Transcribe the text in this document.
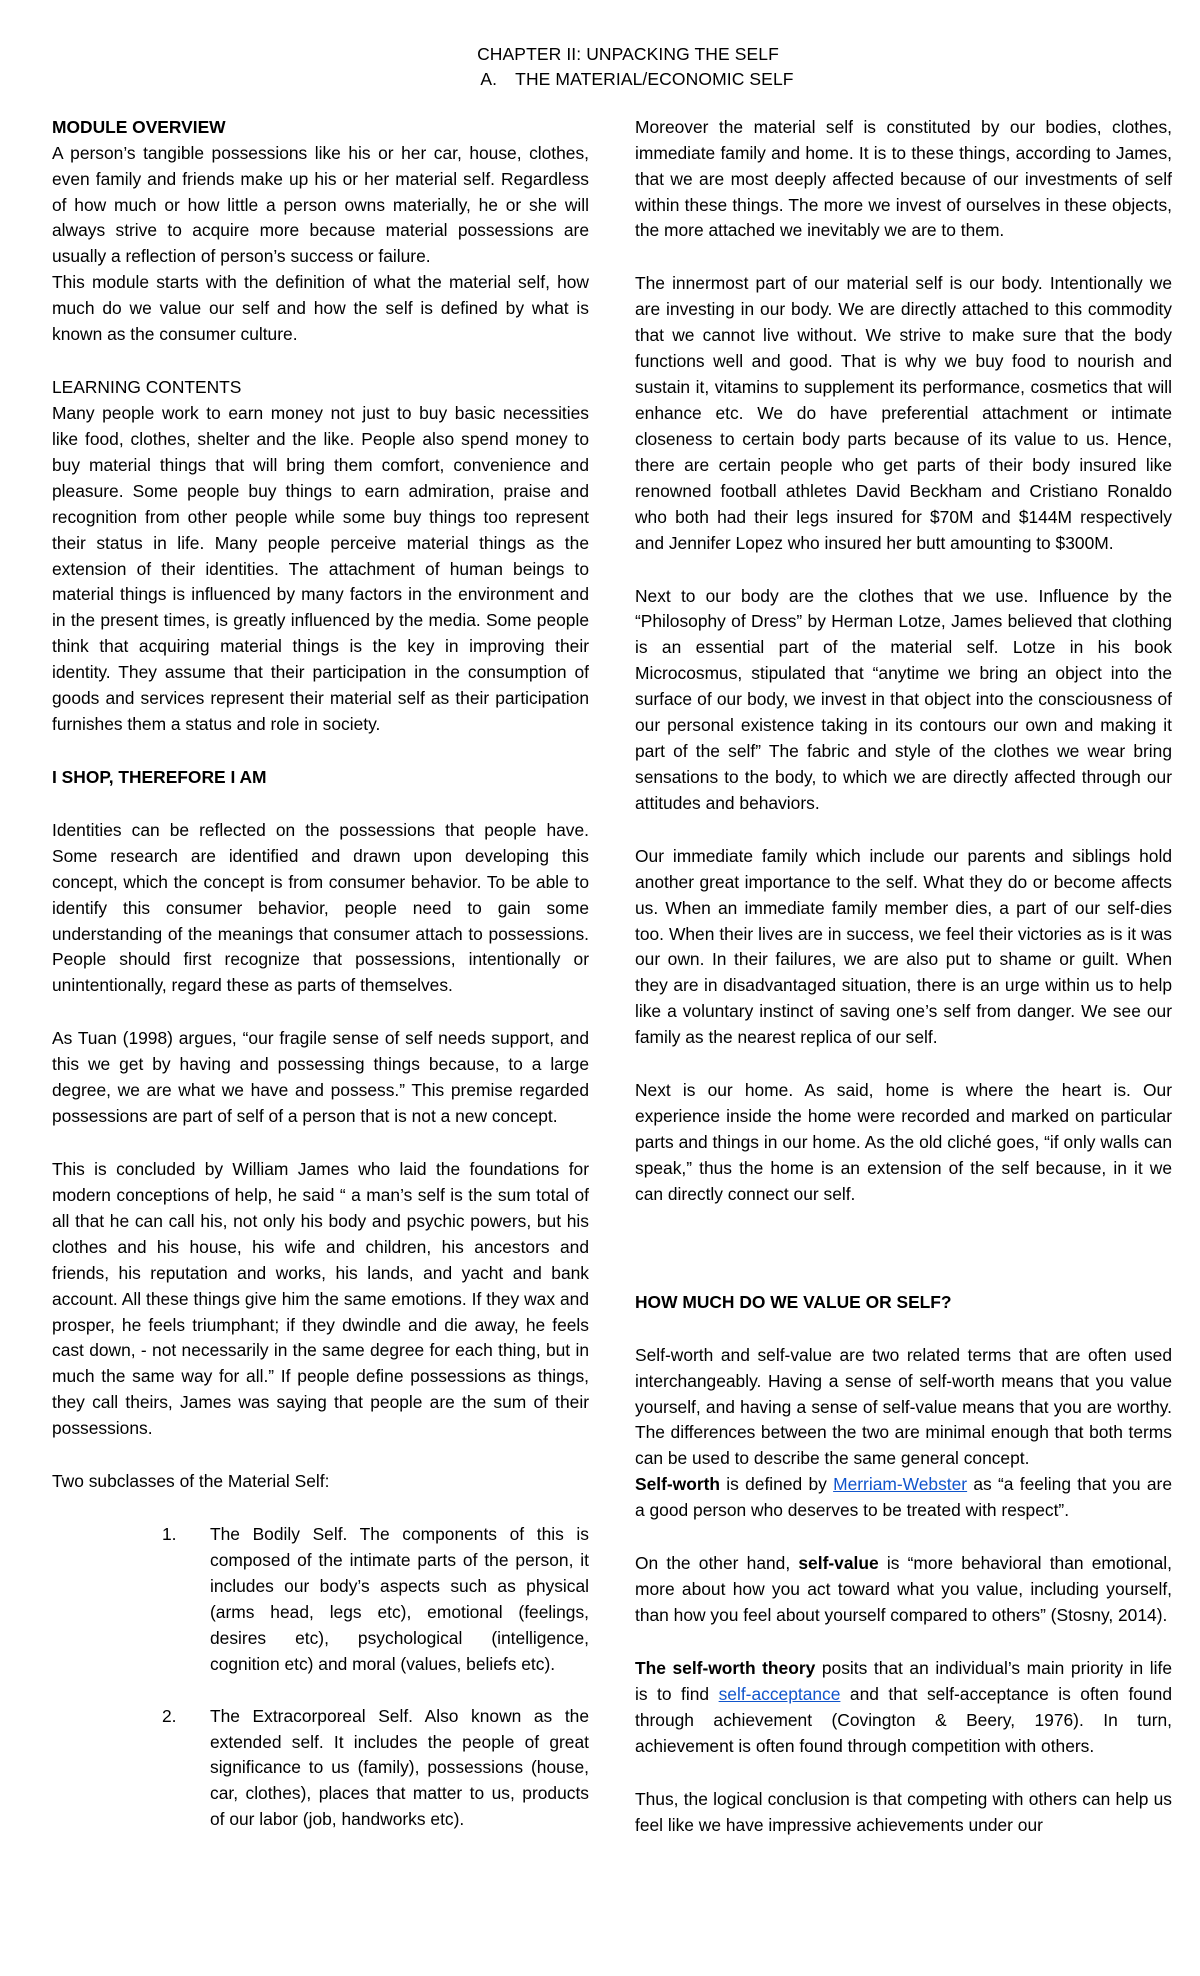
CHAPTER II: UNPACKING THE SELF
A. THE MATERIAL/ECONOMIC SELF
MODULE OVERVIEW

A person’s tangible possessions like his or her car, house, clothes, even family and friends make up his or her material self. Regardless of how much or how little a person owns materially, he or she will always strive to acquire more because material possessions are usually a reflection of person’s success or failure.

This module starts with the definition of what the material self, how much do we value our self and how the self is defined by what is known as the consumer culture.

LEARNING CONTENTS

Many people work to earn money not just to buy basic necessities like food, clothes, shelter and the like. People also spend money to buy material things that will bring them comfort, convenience and pleasure. Some people buy things to earn admiration, praise and recognition from other people while some buy things too represent their status in life. Many people perceive material things as the extension of their identities. The attachment of human beings to material things is influenced by many factors in the environment and in the present times, is greatly influenced by the media. Some people think that acquiring material things is the key in improving their identity. They assume that their participation in the consumption of goods and services represent their material self as their participation furnishes them a status and role in society.

I SHOP, THEREFORE I AM

Identities can be reflected on the possessions that people have. Some research are identified and drawn upon developing this concept, which the concept is from consumer behavior. To be able to identify this consumer behavior, people need to gain some understanding of the meanings that consumer attach to possessions. People should first recognize that possessions, intentionally or unintentionally, regard these as parts of themselves.

As Tuan (1998) argues, “our fragile sense of self needs support, and this we get by having and possessing things because, to a large degree, we are what we have and possess.” This premise regarded possessions are part of self of a person that is not a new concept.

This is concluded by William James who laid the foundations for modern conceptions of help, he said “ a man’s self is the sum total of all that he can call his, not only his body and psychic powers, but his clothes and his house, his wife and children, his ancestors and friends, his reputation and works, his lands, and yacht and bank account. All these things give him the same emotions. If they wax and prosper, he feels triumphant; if they dwindle and die away, he feels cast down, - not necessarily in the same degree for each thing, but in much the same way for all.” If people define possessions as things, they call theirs, James was saying that people are the sum of their possessions.

Two subclasses of the Material Self:

The Bodily Self. The components of this is composed of the intimate parts of the person, it includes our body’s aspects such as physical (arms head, legs etc), emotional (feelings, desires etc), psychological (intelligence, cognition etc) and moral (values, beliefs etc).
The Extracorporeal Self. Also known as the extended self. It includes the people of great significance to us (family), possessions (house, car, clothes), places that matter to us, products of our labor (job, handworks etc).

Moreover the material self is constituted by our bodies, clothes, immediate family and home. It is to these things, according to James, that we are most deeply affected because of our investments of self within these things. The more we invest of ourselves in these objects, the more attached we inevitably we are to them.

The innermost part of our material self is our body. Intentionally we are investing in our body. We are directly attached to this commodity that we cannot live without. We strive to make sure that the body functions well and good. That is why we buy food to nourish and sustain it, vitamins to supplement its performance, cosmetics that will enhance etc. We do have preferential attachment or intimate closeness to certain body parts because of its value to us. Hence, there are certain people who get parts of their body insured like renowned football athletes David Beckham and Cristiano Ronaldo who both had their legs insured for $70M and $144M respectively and Jennifer Lopez who insured her butt amounting to $300M.

Next to our body are the clothes that we use. Influence by the “Philosophy of Dress” by Herman Lotze, James believed that clothing is an essential part of the material self. Lotze in his book Microcosmus, stipulated that “anytime we bring an object into the surface of our body, we invest in that object into the consciousness of our personal existence taking in its contours our own and making it part of the self” The fabric and style of the clothes we wear bring sensations to the body, to which we are directly affected through our attitudes and behaviors.

Our immediate family which include our parents and siblings hold another great importance to the self. What they do or become affects us. When an immediate family member dies, a part of our self-dies too. When their lives are in success, we feel their victories as is it was our own. In their failures, we are also put to shame or guilt. When they are in disadvantaged situation, there is an urge within us to help like a voluntary instinct of saving one’s self from danger. We see our family as the nearest replica of our self.

Next is our home. As said, home is where the heart is. Our experience inside the home were recorded and marked on particular parts and things in our home. As the old cliché goes, “if only walls can speak,” thus the home is an extension of the self because, in it we can directly connect our self.

HOW MUCH DO WE VALUE OR SELF?

Self-worth and self-value are two related terms that are often used interchangeably. Having a sense of self-worth means that you value yourself, and having a sense of self-value means that you are worthy. The differences between the two are minimal enough that both terms can be used to describe the same general concept.

Self-worth is defined by Merriam-Webster as “a feeling that you are a good person who deserves to be treated with respect”.

On the other hand, self-value is “more behavioral than emotional, more about how you act toward what you value, including yourself, than how you feel about yourself compared to others” (Stosny, 2014).

The self-worth theory posits that an individual’s main priority in life is to find self-acceptance and that self-acceptance is often found through achievement (Covington & Beery, 1976). In turn, achievement is often found through competition with others.

Thus, the logical conclusion is that competing with others can help us feel like we have impressive achievements under our
